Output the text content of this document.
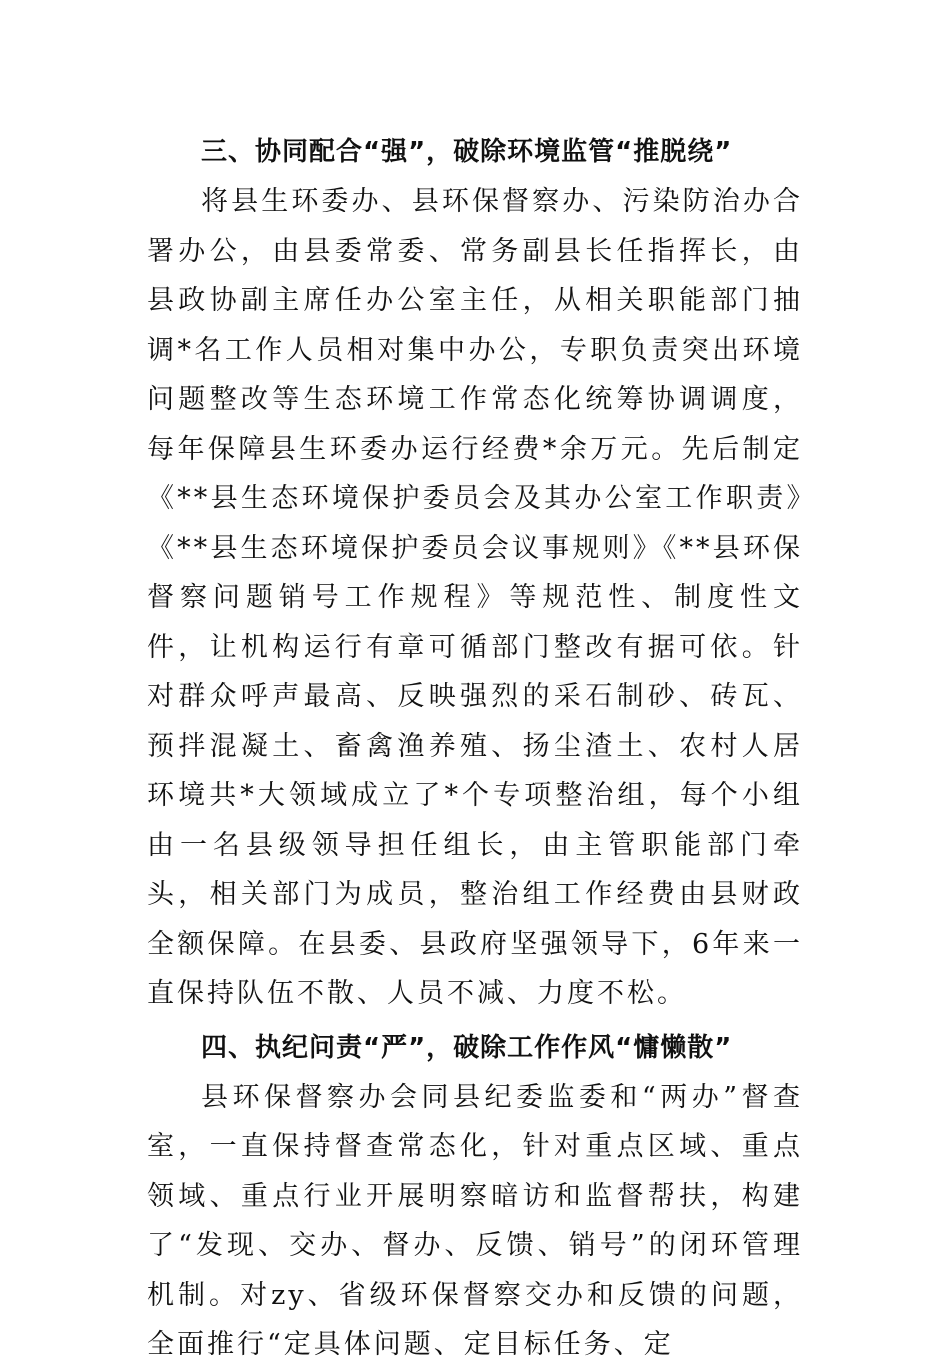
三、协同配合“强”，破除环境监管“推脱绕”

将县生环委办、县环保督察办、污染防治办合署办公，由县委常委、常务副县长任指挥长，由县政协副主席任办公室主任，从相关职能部门抽调*名工作人员相对集中办公，专职负责突出环境问题整改等生态环境工作常态化统筹协调调度，每年保障县生环委办运行经费*余万元。先后制定《**县生态环境保护委员会及其办公室工作职责》《**县生态环境保护委员会议事规则》《**县环保督察问题销号工作规程》等规范性、制度性文件，让机构运行有章可循部门整改有据可依。针对群众呼声最高、反映强烈的采石制砂、砖瓦、预拌混凝土、畜禽渔养殖、扬尘渣土、农村人居环境共*大领域成立了*个专项整治组，每个小组由一名县级领导担任组长，由主管职能部门牵头，相关部门为成员，整治组工作经费由县财政全额保障。在县委、县政府坚强领导下，6年来一直保持队伍不散、人员不减、力度不松。

四、执纪问责“严”，破除工作作风“慵懒散”

县环保督察办会同县纪委监委和“两办”督查室，一直保持督查常态化，针对重点区域、重点领域、重点行业开展明察暗访和监督帮扶，构建了“发现、交办、督办、反馈、销号”的闭环管理机制。对zy、省级环保督察交办和反馈的问题，全面推行“定具体问题、定目标任务、定
